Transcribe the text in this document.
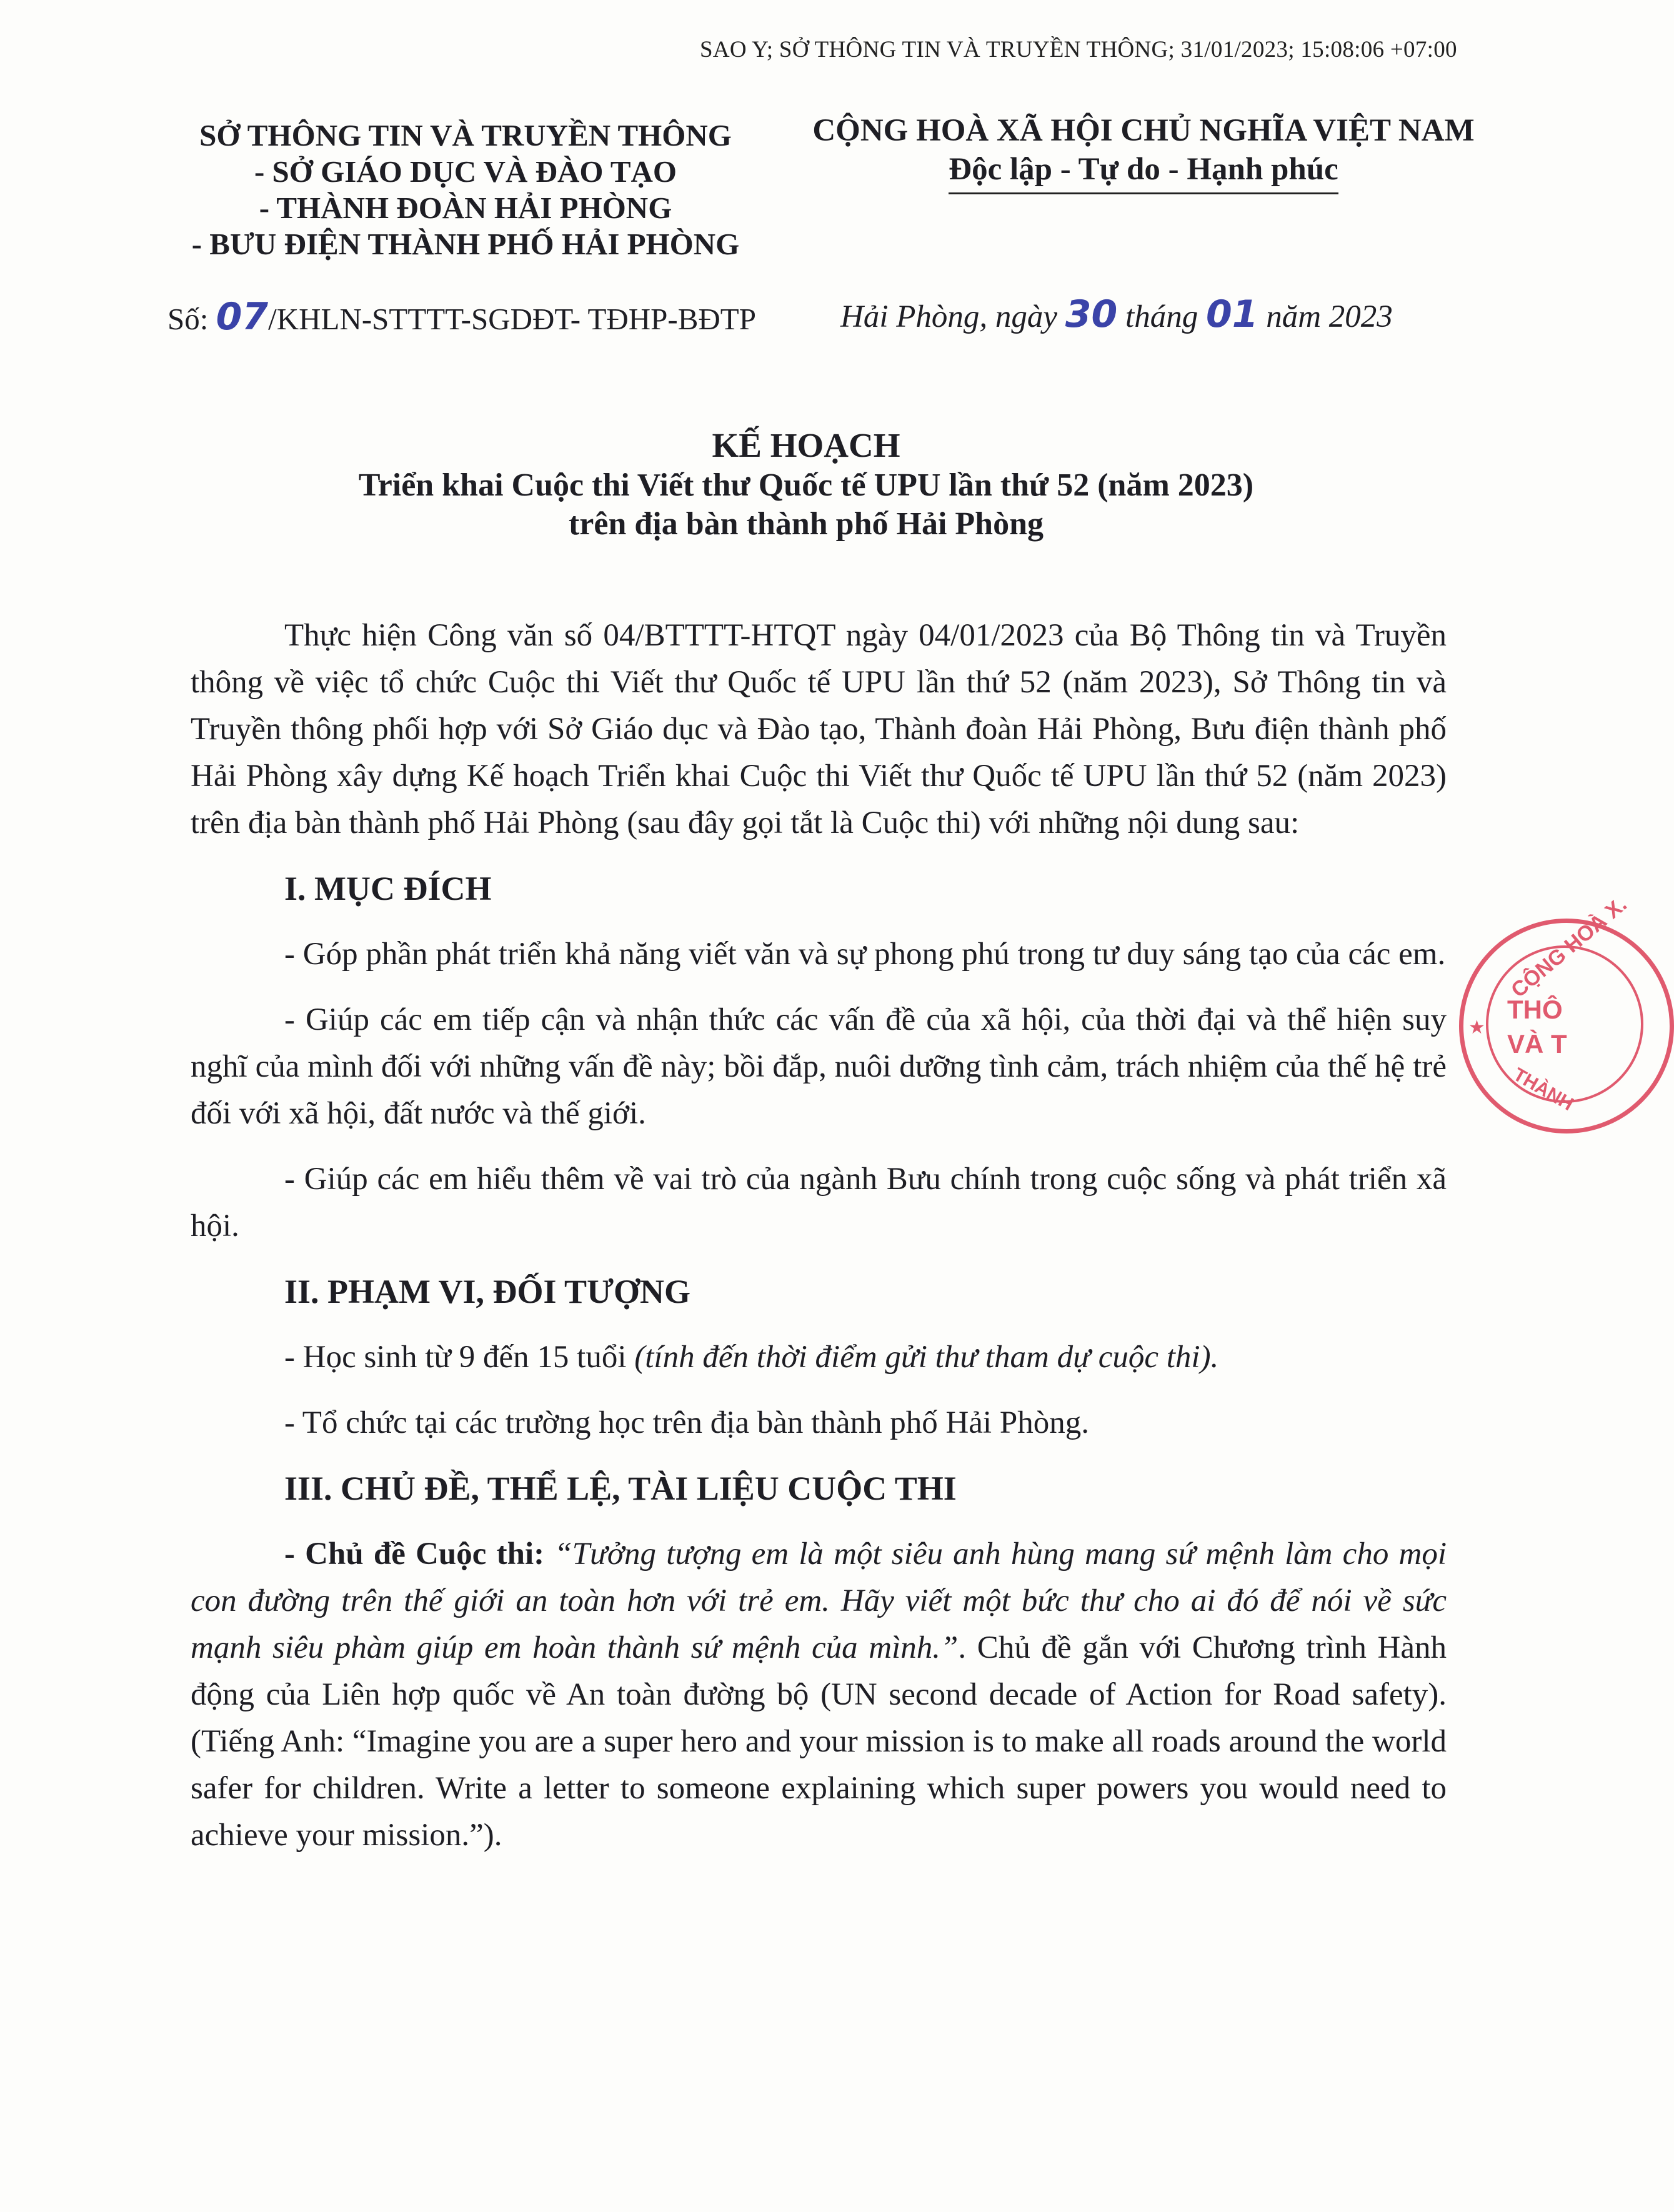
SAO Y; SỞ THÔNG TIN VÀ TRUYỀN THÔNG; 31/01/2023; 15:08:06 +07:00
SỞ THÔNG TIN VÀ TRUYỀN THÔNG
- SỞ GIÁO DỤC VÀ ĐÀO TẠO
- THÀNH ĐOÀN HẢI PHÒNG
- BƯU ĐIỆN THÀNH PHỐ HẢI PHÒNG
CỘNG HOÀ XÃ HỘI CHỦ NGHĨA VIỆT NAM
Độc lập - Tự do - Hạnh phúc
Số: 07/KHLN-STTTT-SGDĐT- TĐHP-BĐTP	Hải Phòng, ngày 30 tháng 01 năm 2023
KẾ HOẠCH
Triển khai Cuộc thi Viết thư Quốc tế UPU lần thứ 52 (năm 2023)
trên địa bàn thành phố Hải Phòng

Thực hiện Công văn số 04/BTTTT-HTQT ngày 04/01/2023 của Bộ Thông tin và Truyền thông về việc tổ chức Cuộc thi Viết thư Quốc tế UPU lần thứ 52 (năm 2023), Sở Thông tin và Truyền thông phối hợp với Sở Giáo dục và Đào tạo, Thành đoàn Hải Phòng, Bưu điện thành phố Hải Phòng xây dựng Kế hoạch Triển khai Cuộc thi Viết thư Quốc tế UPU lần thứ 52 (năm 2023) trên địa bàn thành phố Hải Phòng (sau đây gọi tắt là Cuộc thi) với những nội dung sau:

I. MỤC ĐÍCH

- Góp phần phát triển khả năng viết văn và sự phong phú trong tư duy sáng tạo của các em.

- Giúp các em tiếp cận và nhận thức các vấn đề của xã hội, của thời đại và thể hiện suy nghĩ của mình đối với những vấn đề này; bồi đắp, nuôi dưỡng tình cảm, trách nhiệm của thế hệ trẻ đối với xã hội, đất nước và thế giới.

- Giúp các em hiểu thêm về vai trò của ngành Bưu chính trong cuộc sống và phát triển xã hội.

II. PHẠM VI, ĐỐI TƯỢNG

- Học sinh từ 9 đến 15 tuổi (tính đến thời điểm gửi thư tham dự cuộc thi).

- Tổ chức tại các trường học trên địa bàn thành phố Hải Phòng.

III. CHỦ ĐỀ, THỂ LỆ, TÀI LIỆU CUỘC THI

- Chủ đề Cuộc thi: “Tưởng tượng em là một siêu anh hùng mang sứ mệnh làm cho mọi con đường trên thế giới an toàn hơn với trẻ em. Hãy viết một bức thư cho ai đó để nói về sức mạnh siêu phàm giúp em hoàn thành sứ mệnh của mình.”. Chủ đề gắn với Chương trình Hành động của Liên hợp quốc về An toàn đường bộ (UN second decade of Action for Road safety). (Tiếng Anh: “Imagine you are a super hero and your mission is to make all roads around the world safer for children. Write a letter to someone explaining which super powers you would need to achieve your mission.”).

CỘNG HOÀ X.
THÔ
VÀ T
THÀNH
★
